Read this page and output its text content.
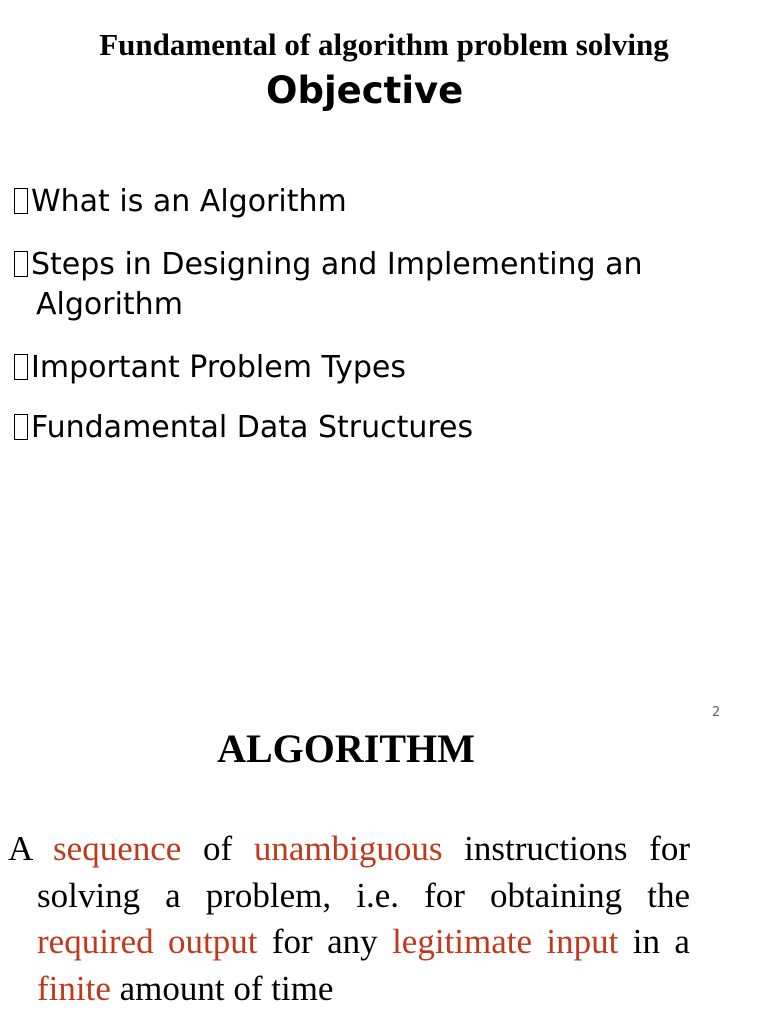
Fundamental of algorithm problem solving
Objective
What is an Algorithm
Steps in Designing and Implementing an
Algorithm
Important Problem Types
Fundamental Data Structures
2
ALGORITHM
A sequence of unambiguous instructions for solving a problem, i.e. for obtaining the required output for any legitimate input in a finite amount of time
